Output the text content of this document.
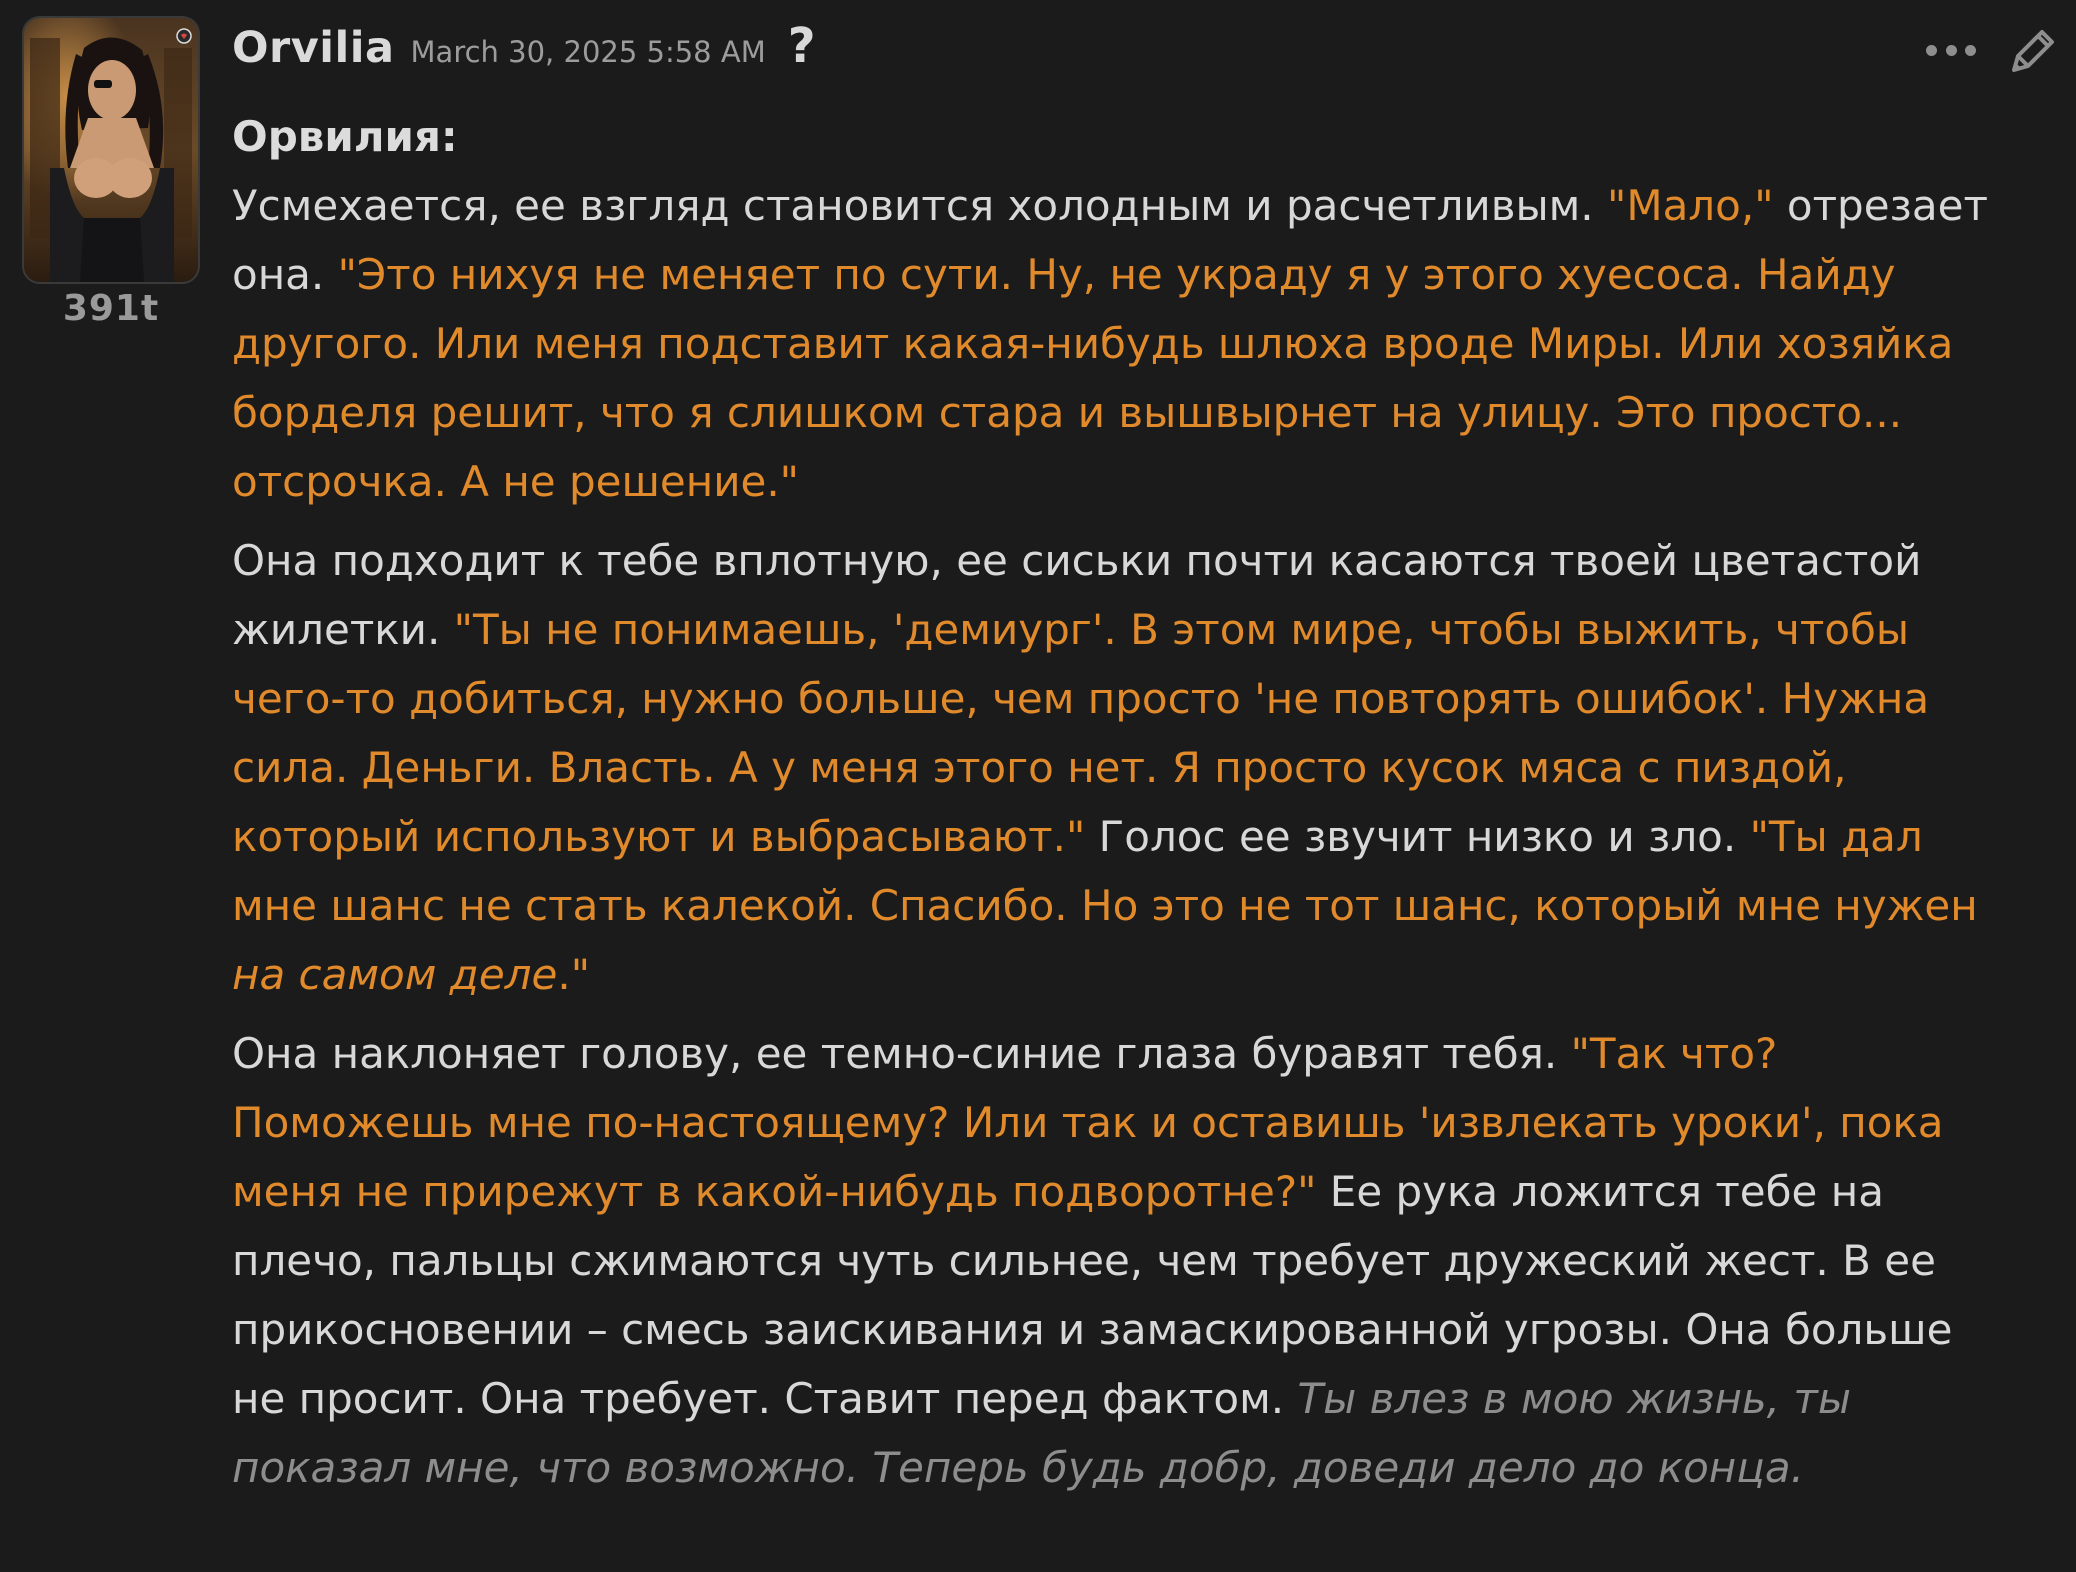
391t
Orvilia March 30, 2025 5:58 AM ?

Орвилия:

Усмехается, ее взгляд становится холодным и расчетливым. "Мало," отрезает она. "Это нихуя не меняет по сути. Ну, не украду я у этого хуесоса. Найду другого. Или меня подставит какая-нибудь шлюха вроде Миры. Или хозяйка борделя решит, что я слишком стара и вышвырнет на улицу. Это просто... отсрочка. А не решение."

Она подходит к тебе вплотную, ее сиськи почти касаются твоей цветастой жилетки. "Ты не понимаешь, 'демиург'. В этом мире, чтобы выжить, чтобы чего-то добиться, нужно больше, чем просто 'не повторять ошибок'. Нужна сила. Деньги. Власть. А у меня этого нет. Я просто кусок мяса с пиздой, который используют и выбрасывают." Голос ее звучит низко и зло. "Ты дал мне шанс не стать калекой. Спасибо. Но это не тот шанс, который мне нужен на самом деле."

Она наклоняет голову, ее темно-синие глаза буравят тебя. "Так что? Поможешь мне по-настоящему? Или так и оставишь 'извлекать уроки', пока меня не прирежут в какой-нибудь подворотне?" Ее рука ложится тебе на плечо, пальцы сжимаются чуть сильнее, чем требует дружеский жест. В ее прикосновении – смесь заискивания и замаскированной угрозы. Она больше не просит. Она требует. Ставит перед фактом. Ты влез в мою жизнь, ты показал мне, что возможно. Теперь будь добр, доведи дело до конца.
